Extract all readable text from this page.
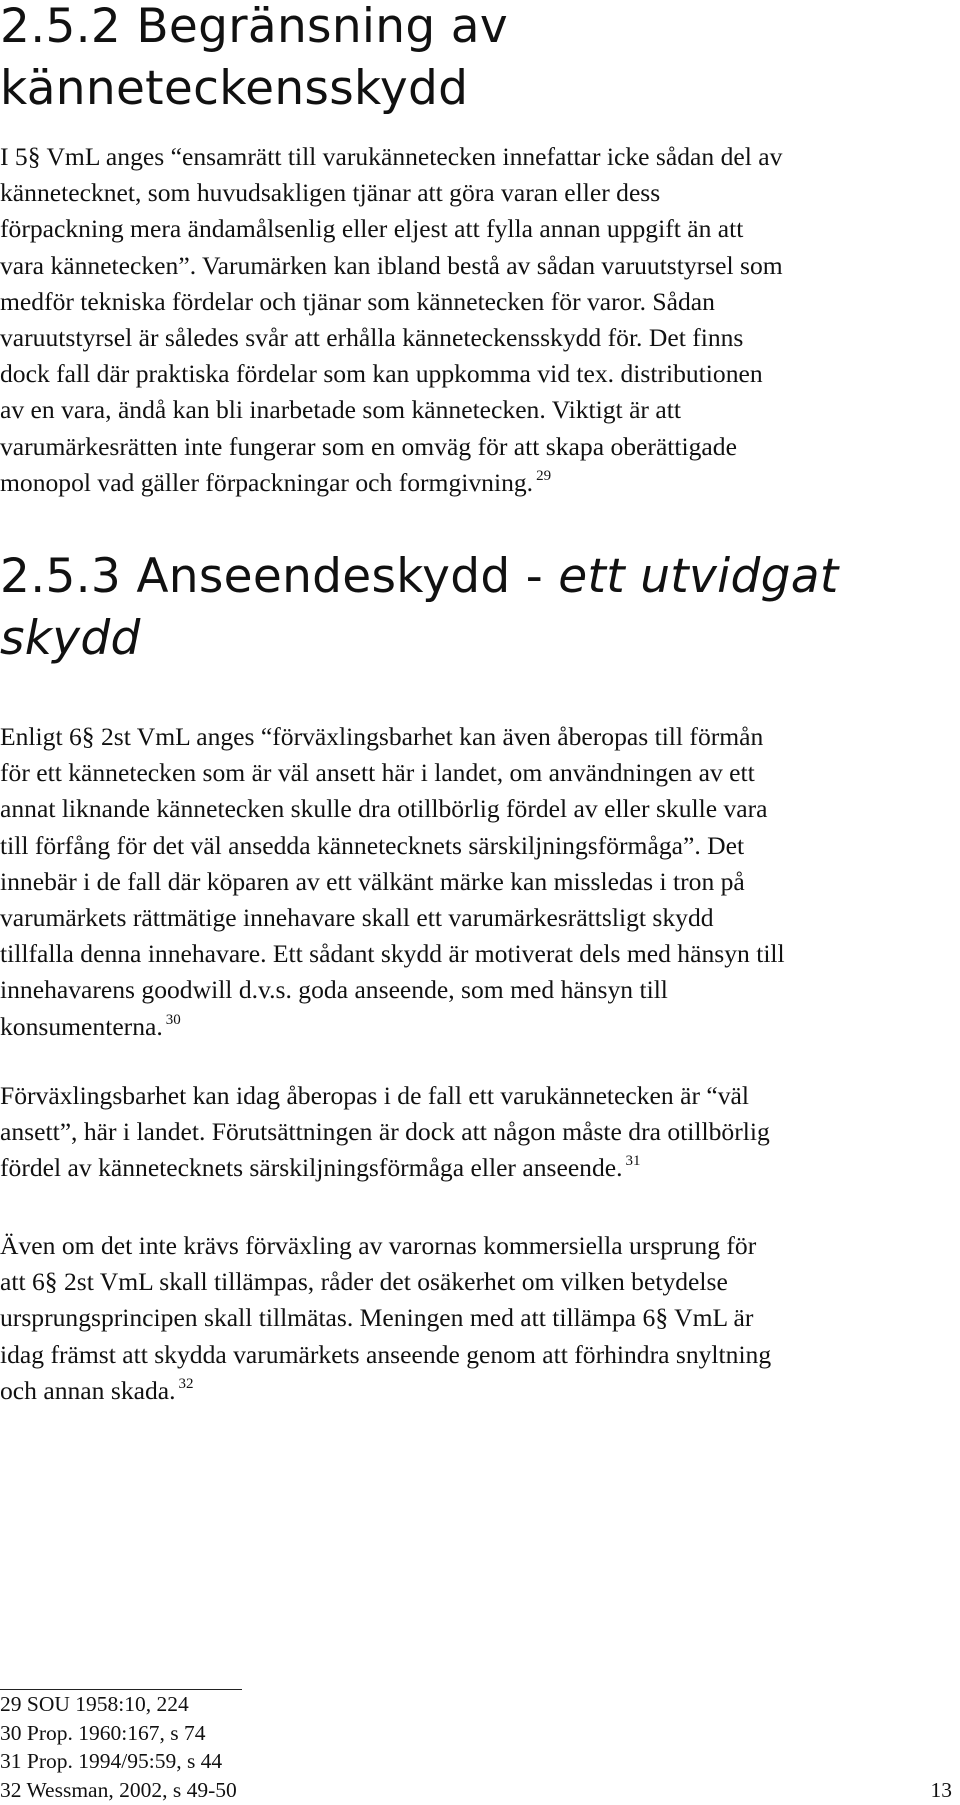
2.5.2 Begränsning av
känneteckensskydd

I 5§ VmL anges “ensamrätt till varukännetecken innefattar icke sådan del av
kännetecknet, som huvudsakligen tjänar att göra varan eller dess
förpackning mera ändamålsenlig eller eljest att fylla annan uppgift än att
vara kännetecken”. Varumärken kan ibland bestå av sådan varuutstyrsel som
medför tekniska fördelar och tjänar som kännetecken för varor. Sådan
varuutstyrsel är således svår att erhålla känneteckensskydd för. Det finns
dock fall där praktiska fördelar som kan uppkomma vid tex. distributionen
av en vara, ändå kan bli inarbetade som kännetecken. Viktigt är att
varumärkesrätten inte fungerar som en omväg för att skapa oberättigade
monopol vad gäller förpackningar och formgivning. $^{29}$

2.5.3 Anseendeskydd - ett utvidgat
skydd

Enligt 6§ 2st VmL anges “förväxlingsbarhet kan även åberopas till förmån
för ett kännetecken som är väl ansett här i landet, om användningen av ett
annat liknande kännetecken skulle dra otillbörlig fördel av eller skulle vara
till förfång för det väl ansedda kännetecknets särskiljningsförmåga”. Det
innebär i de fall där köparen av ett välkänt märke kan missledas i tron på
varumärkets rättmätige innehavare skall ett varumärkesrättsligt skydd
tillfalla denna innehavare. Ett sådant skydd är motiverat dels med hänsyn till
innehavarens goodwill d.v.s. goda anseende, som med hänsyn till
konsumenterna. $^{30}$

Förväxlingsbarhet kan idag åberopas i de fall ett varukännetecken är “väl
ansett”, här i landet. Förutsättningen är dock att någon måste dra otillbörlig
fördel av kännetecknets särskiljningsförmåga eller anseende. $^{31}$

Även om det inte krävs förväxling av varornas kommersiella ursprung för
att 6§ 2st VmL skall tillämpas, råder det osäkerhet om vilken betydelse
ursprungsprincipen skall tillmätas. Meningen med att tillämpa 6§ VmL är
idag främst att skydda varumärkets anseende genom att förhindra snyltning
och annan skada. $^{32}$

29 SOU 1958:10, 224
30 Prop. 1960:167, s 74
31 Prop. 1994/95:59, s 44
32 Wessman, 2002, s 49-50	13
